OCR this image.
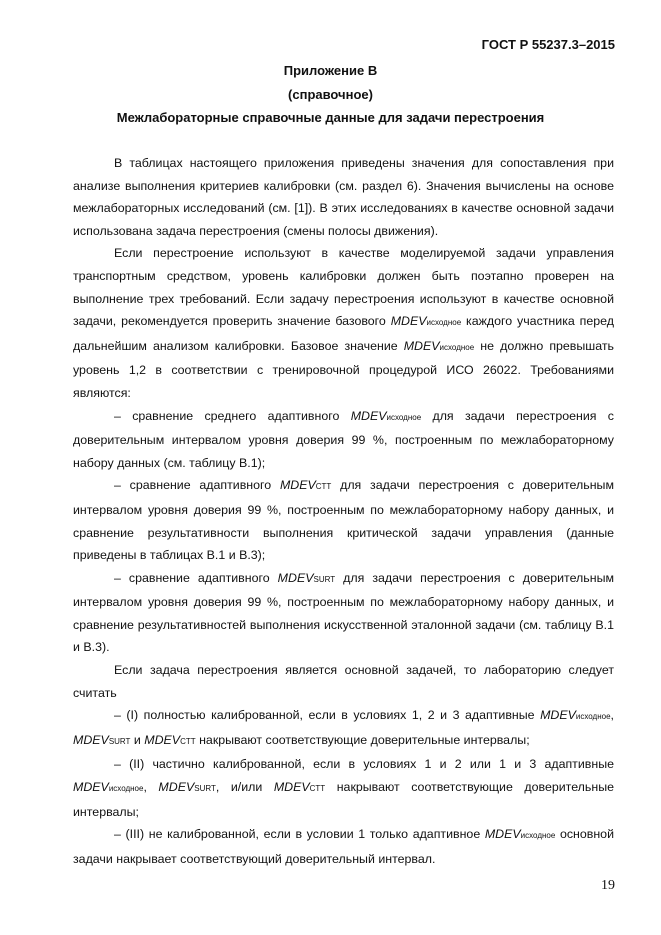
ГОСТ Р 55237.3–2015
Приложение В
(справочное)
Межлабораторные справочные данные для задачи перестроения

В таблицах настоящего приложения приведены значения для сопоставления при анализе выполнения критериев калибровки (см. раздел 6). Значения вычислены на основе межлабораторных исследований (см. [1]). В этих исследованиях в качестве основной задачи использована задача перестроения (смены полосы движения).

Если перестроение используют в качестве моделируемой задачи управления транспортным средством, уровень калибровки должен быть поэтапно проверен на выполнение трех требований. Если задачу перестроения используют в качестве основной задачи, рекомендуется проверить значение базового MDEVисходное каждого участника перед дальнейшим анализом калибровки. Базовое значение MDEVисходное не должно превышать уровень 1,2 в соответствии с тренировочной процедурой ИСО 26022. Требованиями являются:

– сравнение среднего адаптивного MDEVисходное для задачи перестроения с доверительным интервалом уровня доверия 99 %, построенным по межлабораторному набору данных (см. таблицу В.1);

– сравнение адаптивного MDEVCTT для задачи перестроения с доверительным интервалом уровня доверия 99 %, построенным по межлабораторному набору данных, и сравнение результативности выполнения критической задачи управления (данные приведены в таблицах В.1 и В.3);

– сравнение адаптивного MDEVSURT для задачи перестроения с доверительным интервалом уровня доверия 99 %, построенным по межлабораторному набору данных, и сравнение результативностей выполнения искусственной эталонной задачи (см. таблицу В.1 и В.3).

Если задача перестроения является основной задачей, то лабораторию следует считать

– (I) полностью калиброванной, если в условиях 1, 2 и 3 адаптивные MDEVисходное, MDEVSURT и MDEVCTT накрывают соответствующие доверительные интервалы;

– (II) частично калиброванной, если в условиях 1 и 2 или 1 и 3 адаптивные MDEVисходное, MDEVSURT, и/или MDEVCTT накрывают соответствующие доверительные интервалы;

– (III) не калиброванной, если в условии 1 только адаптивное MDEVисходное основной задачи накрывает соответствующий доверительный интервал.

19
